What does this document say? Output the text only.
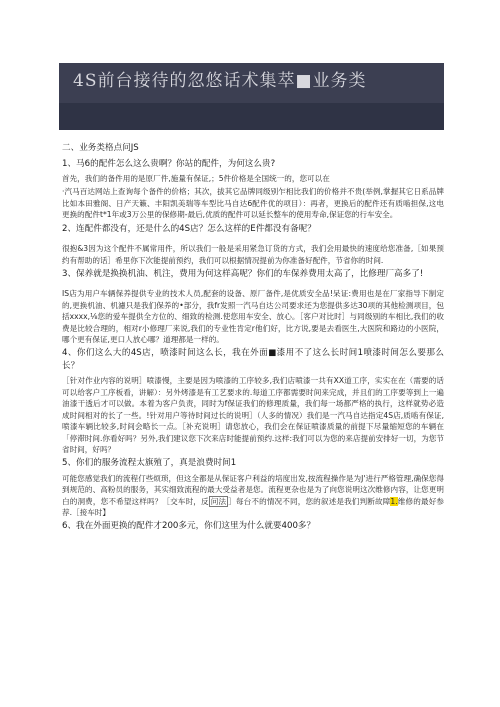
4S前台接待的忽悠话术集萃■业务类

二、业务类格点问JS

1、马6的配件怎么这么贵啊？你站的配件，为何这么贵?

首先，我们的备件用的是原厂件,施量有保证,；5件价格是全国统一的，您可以在

·汽马百达网站上查询每个备件的价格；其次，拔其它品牌同级别乍相比我们的价格并不贵(举例,掌握其它日系品牌比如本田雅阁、日产天籁、丰阳凯美瑞等车型比马自达6配件优的项目）：再者，更换后的配件还有质啮担保,这电更换的配件t*1年或3万公里的保修期-最后,优质的配件可以延长整车的使用寿命,保证您的行车安全。

2、连配件都没有，还是什么的4S店？怎么这样的E件都没有备呢？

很抱&3因为这个配件不属常用件，所以我们一般是采用紧急订货的方式，我们会用最快的速度给您准备,［如果预约有帮助的话］希里你下次能提前预约，我们可以根据情况提前为你准备好配件，节省你的时间.

3、保养就是换换机油、机注，费用为何这样高呢？你们的车保养费用太高了，比修理厂高多了!

IS店为用户车辆保养提供专业的技术人员,配套的设备、原厂备件,是优质安全品!呆证:费用也是在厂家指导下制定的,更换机油、机濾只是我们保养的•部分，我fr发照一汽马自达公司要求还为您提供多达30项的其他检测项目，包括xxxx,⅛您的爱车提供全方位的、细致的检测.使您用车安全、放心。［客户对比时］与同级别的车相比,我们的收费是比较合理的，相对r小修理厂来说,我们的专业性肯定r他们好，比方说,要是去看医生,大医院和路边的小医院，哪个更有保证,更口人放心哪？道理都是一样的。

4、你们这么大的4S店，喷漆时间这么长，我在外面■漆用不了这么长时间1喷漆时间怎么要那么长？

［针对作业内容的说明］喷漆慢，主要是因为喷漆的工序较多,我们店喷漆一共有XX道工序，实实在在（需要的话可以给客户工序板看，讲解）：另外烤漆是有工艺要求的.每道工序都需要时间来完成，并且们的工序要等到上一遍油漆干透后才可以做。本着为客户负责，同时为f保证我们的修理质量，我们每一场都严格的执行，这样就势必造成时间相对的长了一些。!针对用户等待时间过长的说明］（人多的情况）我们是一汽马自达指定4S店,质啮有保证,喷漆车辆比较多,时间会略长一点。［补充说明］请您放心，我们会在保证喷漆质量的前提下尽量缩短您的车辆在「停滞时间.你看好吗？另外,我们建议您下次来店时能提前预约.这样:我们可以为您的来店提前安排好一切，为您节省时间，好吗？

5、你们的服务流程太旗殖了，真是浪费时间1

可能您感觉我们的流程仃些烦琐，但这全都是从保证客户利益的培度出发,按流程操作是为J'进行严格管理,确保您得到规范的、高粉员的服务，其实细致流程的最大受益者是您。流程更杂也是为了向您说明这次维修内容，让您更明白的洞费，您不希望这样吗？［交车时，反 问法 ］每台不的情况不同，您的叙述是我们判断故障1.维修的最好参荐.［接车时】

6、我在外面更换的配件才200多元，你们这里为什么就要400多？
